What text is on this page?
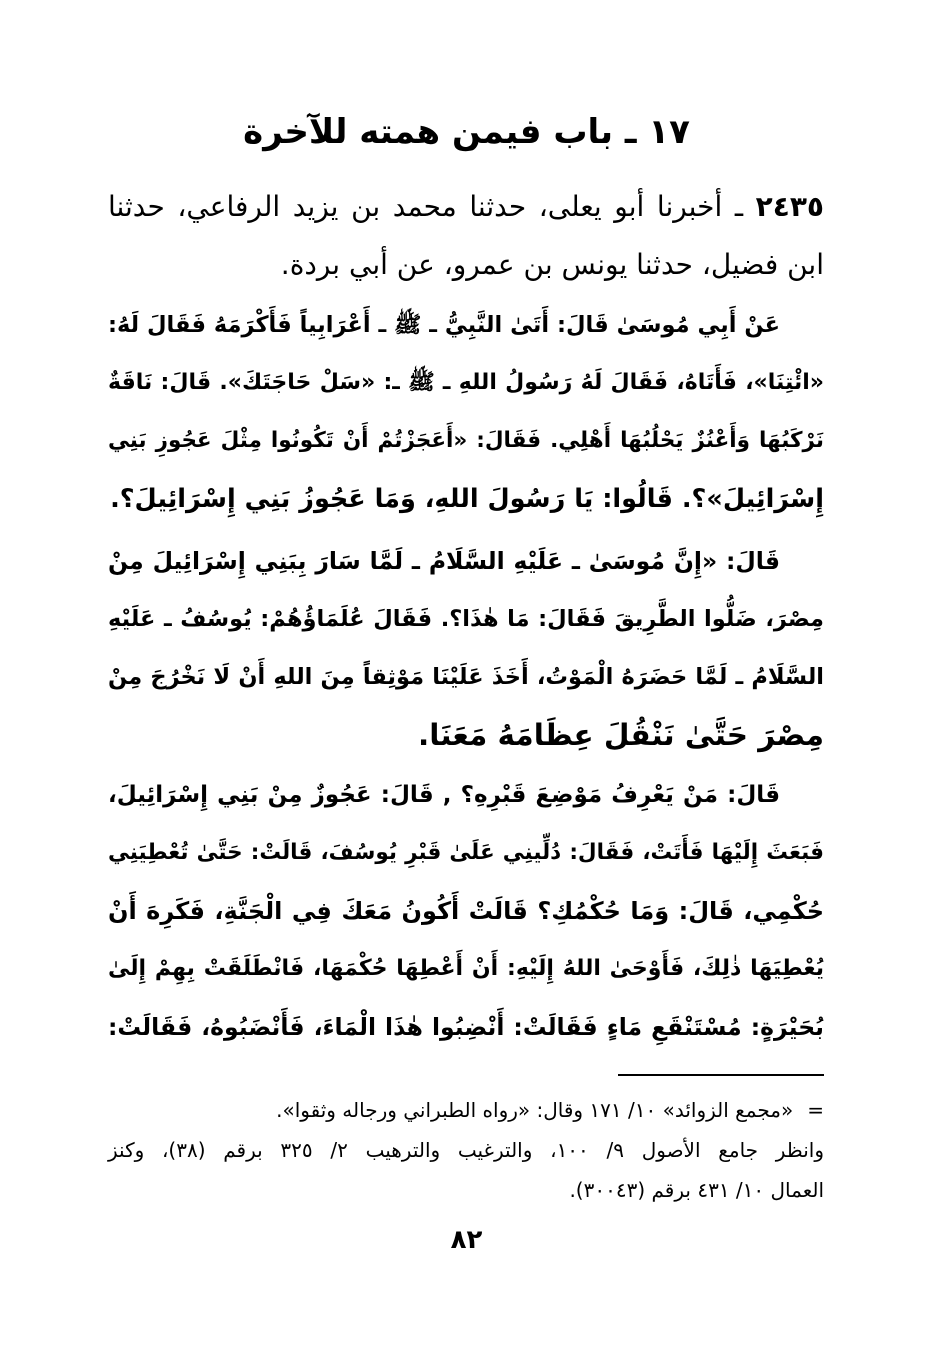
١٧ ـ باب فيمن همته للآخرة
٢٤٣٥ ـ أخبرنا أبو يعلى، حدثنا محمد بن يزيد الرفاعي، حدثنا
ابن فضيل، حدثنا يونس بن عمرو، عن أبي بردة.
عَنْ أَبِي مُوسَىٰ قَالَ: أَتَىٰ النَّبِيُّ ـ ﷺ ـ أَعْرَابِياً فَأَكْرَمَهُ فَقَالَ لَهُ:
«ائْتِنَا»، فَأَتَاهُ، فَقَالَ لَهُ رَسُولُ اللهِ ـ ﷺ ـ: «سَلْ حَاجَتَكَ». قَالَ: نَاقَةٌ
نَرْكَبُهَا وَأَعْنُزٌ يَحْلُبُهَا أَهْلِي. فَقَالَ: «أَعَجَزْتُمْ أَنْ تَكُونُوا مِثْلَ عَجُوزِ بَنِي
إِسْرَائِيلَ»؟. قَالُوا: يَا رَسُولَ اللهِ، وَمَا عَجُوزُ بَنِي إِسْرَائِيلَ؟.
قَالَ: «إِنَّ مُوسَىٰ ـ عَلَيْهِ السَّلَامُ ـ لَمَّا سَارَ بِبَنِي إِسْرَائِيلَ مِنْ
مِصْرَ، ضَلُّوا الطَّرِيقَ فَقَالَ: مَا هٰذَا؟. فَقَالَ عُلَمَاؤُهُمْ: يُوسُفُ ـ عَلَيْهِ
السَّلَامُ ـ لَمَّا حَضَرَهُ الْمَوْتُ، أَخَذَ عَلَيْنَا مَوْثِقاً مِنَ اللهِ أَنْ لَا نَخْرُجَ مِنْ
مِصْرَ حَتَّىٰ نَنْقُلَ عِظَامَهُ مَعَنَا.
قَالَ: مَنْ يَعْرِفُ مَوْضِعَ قَبْرِهِ؟ , قَالَ: عَجُوزٌ مِنْ بَنِي إِسْرَائِيلَ،
فَبَعَثَ إِلَيْهَا فَأَتَتْ، فَقَالَ: دُلِّينِي عَلَىٰ قَبْرِ يُوسُفَ، قَالَتْ: حَتَّىٰ تُعْطِيَنِي
حُكْمِي، قَالَ: وَمَا حُكْمُكِ؟ قَالَتْ أَكُونُ مَعَكَ فِي الْجَنَّةِ، فَكَرِهَ أَنْ
يُعْطِيَهَا ذٰلِكَ، فَأَوْحَىٰ اللهُ إِلَيْهِ: أَنْ أَعْطِهَا حُكْمَهَا، فَانْطَلَقَتْ بِهِمْ إِلَىٰ
بُحَيْرَةٍ: مُسْتَنْقَعِ مَاءٍ فَقَالَتْ: أَنْضِبُوا هٰذَا الْمَاءَ، فَأَنْضَبُوهُ، فَقَالَتْ:
=«مجمع الزوائد» ١٠/ ١٧١ وقال: «رواه الطبراني ورجاله وثقوا».
وانظر جامع الأصول ٩/ ١٠٠، والترغيب والترهيب ٢/ ٣٢٥ برقم (٣٨)، وكنز
العمال ١٠/ ٤٣١ برقم (٣٠٠٤٣).
٨٢
